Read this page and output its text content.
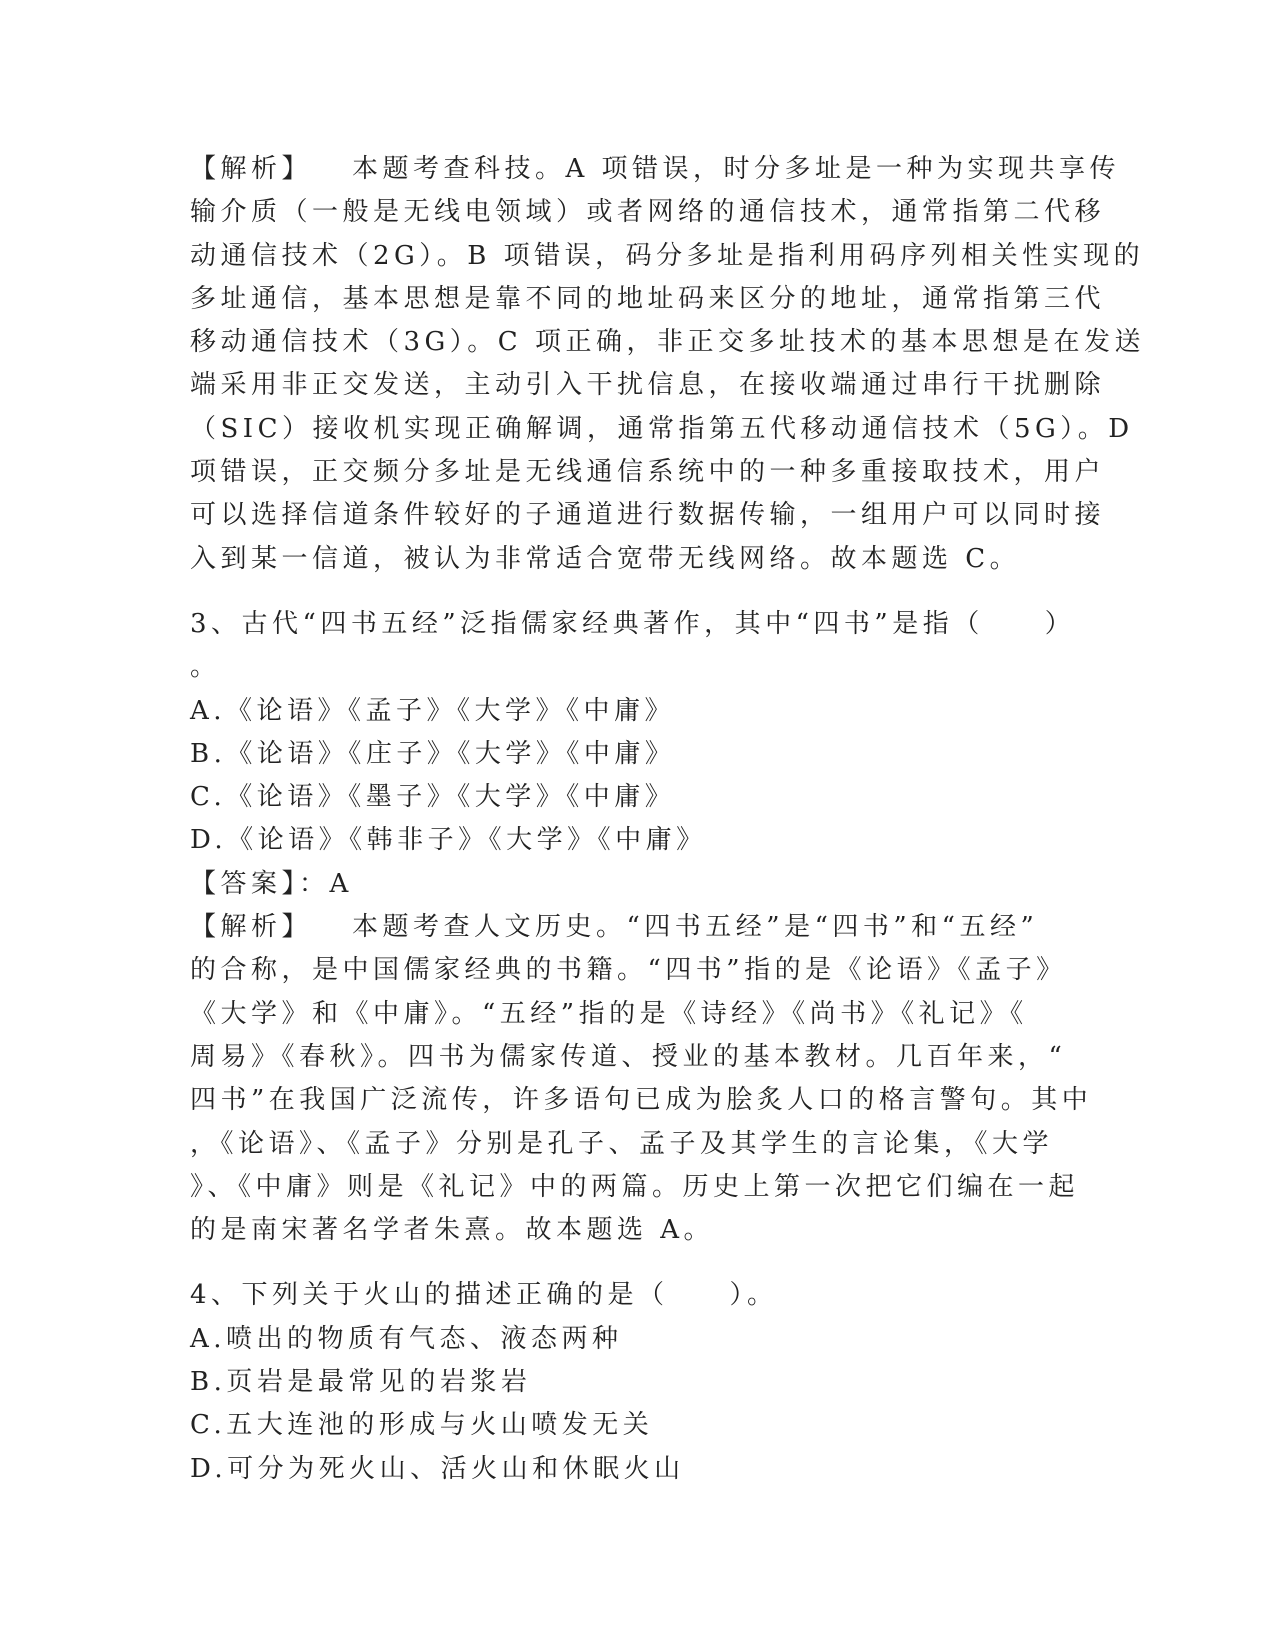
【解析】 本题考查科技。A 项错误，时分多址是一种为实现共享传
输介质（一般是无线电领域）或者网络的通信技术，通常指第二代移
动通信技术（2G）。B 项错误，码分多址是指利用码序列相关性实现的
多址通信，基本思想是靠不同的地址码来区分的地址，通常指第三代
移动通信技术（3G）。C 项正确，非正交多址技术的基本思想是在发送
端采用非正交发送，主动引入干扰信息，在接收端通过串行干扰删除
（SIC）接收机实现正确解调，通常指第五代移动通信技术（5G）。D
项错误，正交频分多址是无线通信系统中的一种多重接取技术，用户
可以选择信道条件较好的子通道进行数据传输，一组用户可以同时接
入到某一信道，被认为非常适合宽带无线网络。故本题选 C。
3、古代“四书五经”泛指儒家经典著作，其中“四书”是指（　　）
。
A.《论语》《孟子》《大学》《中庸》
B.《论语》《庄子》《大学》《中庸》
C.《论语》《墨子》《大学》《中庸》
D.《论语》《韩非子》《大学》《中庸》
【答案】：A
【解析】 本题考查人文历史。“四书五经”是“四书”和“五经”
的合称，是中国儒家经典的书籍。“四书”指的是《论语》《孟子》
《大学》和《中庸》。“五经”指的是《诗经》《尚书》《礼记》《
周易》《春秋》。四书为儒家传道、授业的基本教材。几百年来，“
四书”在我国广泛流传，许多语句已成为脍炙人口的格言警句。其中
，《论语》、《孟子》分别是孔子、孟子及其学生的言论集，《大学
》、《中庸》则是《礼记》中的两篇。历史上第一次把它们编在一起
的是南宋著名学者朱熹。故本题选 A。
4、下列关于火山的描述正确的是（　　）。
A.喷出的物质有气态、液态两种
B.页岩是最常见的岩浆岩
C.五大连池的形成与火山喷发无关
D.可分为死火山、活火山和休眠火山
